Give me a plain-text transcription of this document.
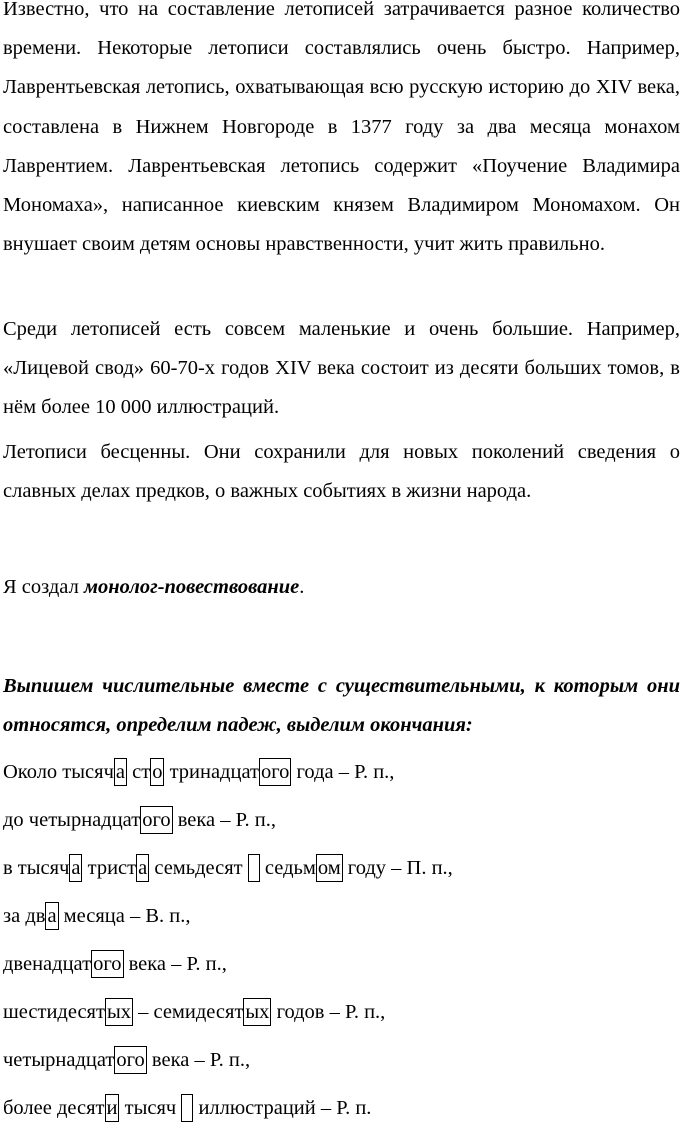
Известно, что на составление летописей затрачивается разное количество времени. Некоторые летописи составлялись очень быстро. Например, Лаврентьевская летопись, охватывающая всю русскую историю до XIV века, составлена в Нижнем Новгороде в 1377 году за два месяца монахом Лаврентием. Лаврентьевская летопись содержит «Поучение Владимира Мономаха», написанное киевским князем Владимиром Мономахом. Он внушает своим детям основы нравственности, учит жить правильно.

Среди летописей есть совсем маленькие и очень большие. Например, «Лицевой свод» 60-70-х годов XIV века состоит из десяти больших томов, в нём более 10 000 иллюстраций.

Летописи бесценны. Они сохранили для новых поколений сведения о славных делах предков, о важных событиях в жизни народа.

Я создал монолог-повествование.

Выпишем числительные вместе с существительными, к которым они относятся, определим падеж, выделим окончания:

Около тысяча сто тринадцатого года – Р. п.,
до четырнадцатого века – Р. п.,
в тысяча триста семьдесят  седьмом году – П. п.,
за два месяца – В. п.,
двенадцатого века – Р. п.,
шестидесятых – семидесятых годов – Р. п.,
четырнадцатого века – Р. п.,
более десяти тысяч  иллюстраций – Р. п.
